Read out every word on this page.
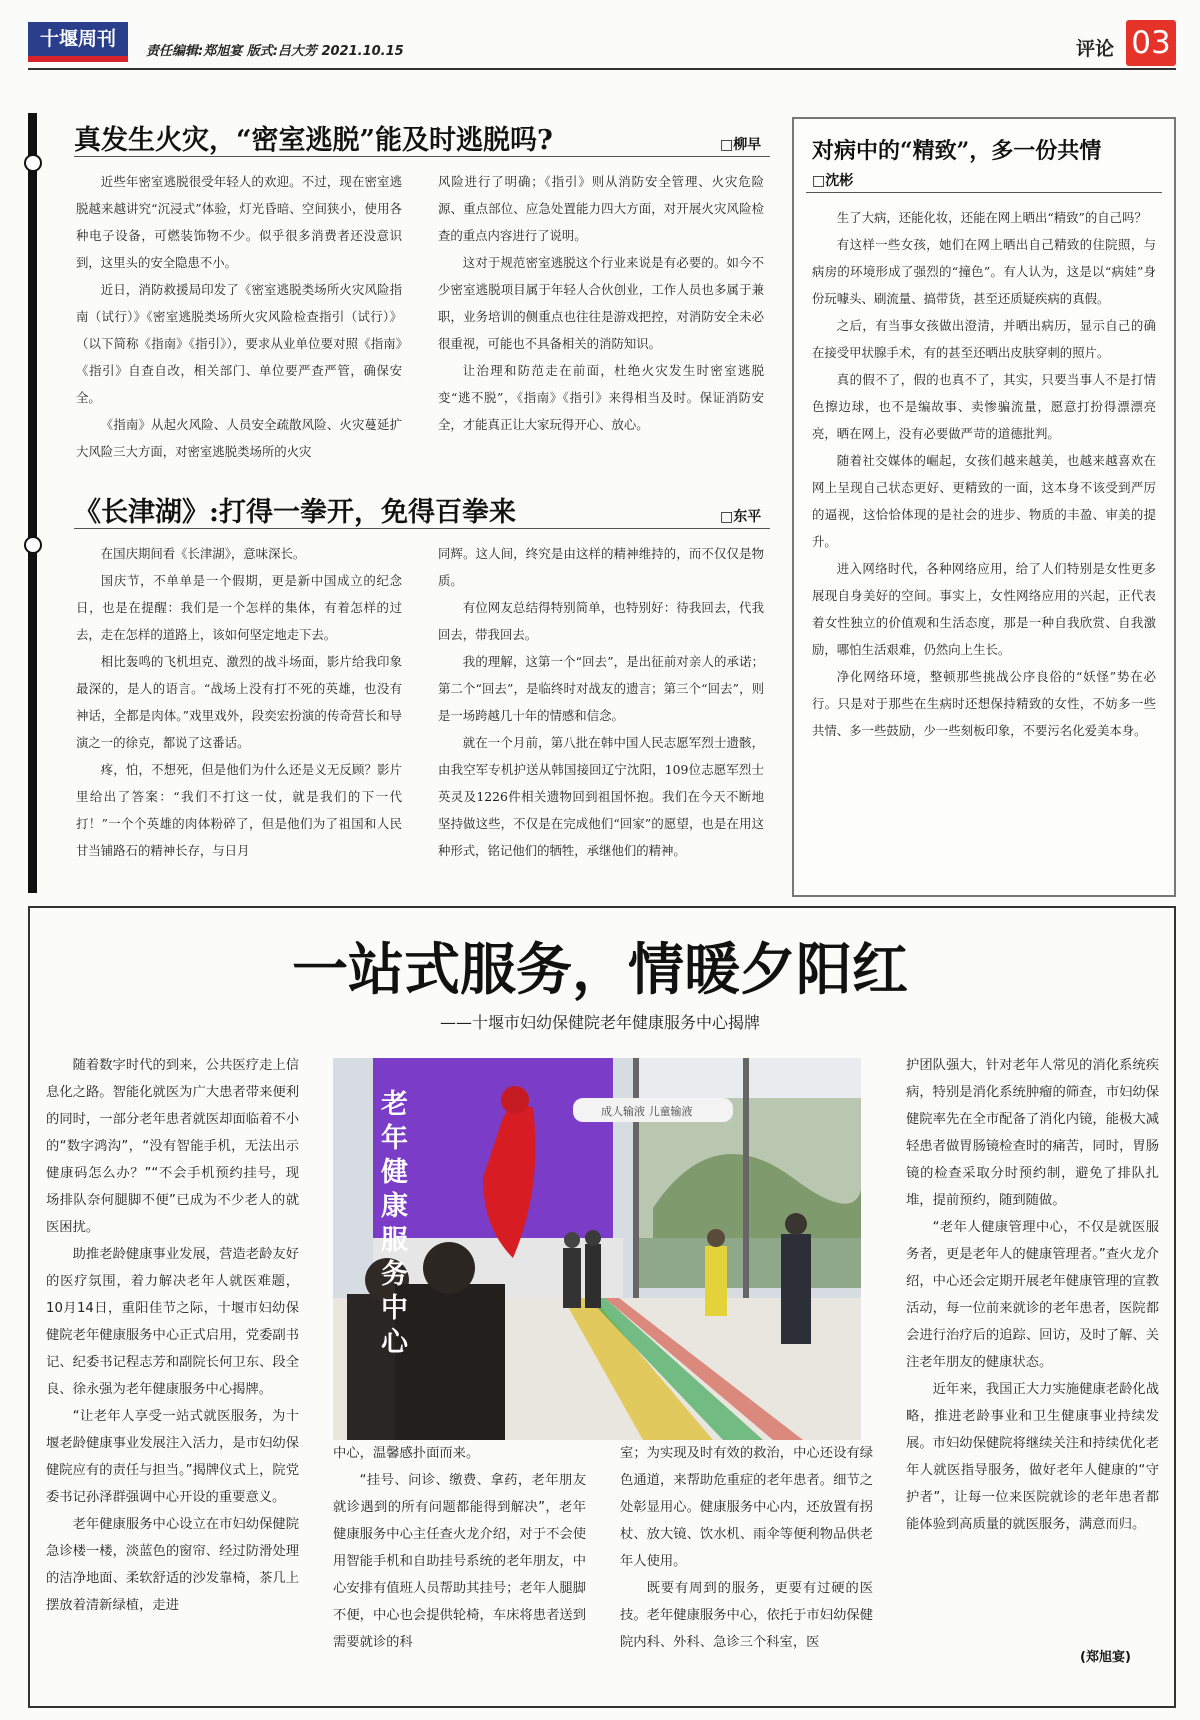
十堰周刊
责任编辑:郑旭宴 版式:吕大芳 2021.10.15	评论 03
真发生火灾，“密室逃脱”能及时逃脱吗?	□柳早

近些年密室逃脱很受年轻人的欢迎。不过，现在密室逃脱越来越讲究“沉浸式”体验，灯光昏暗、空间狭小，使用各种电子设备，可燃装饰物不少。似乎很多消费者还没意识到，这里头的安全隐患不小。

近日，消防救援局印发了《密室逃脱类场所火灾风险指南（试行）》《密室逃脱类场所火灾风险检查指引（试行）》（以下简称《指南》《指引》），要求从业单位要对照《指南》《指引》自查自改，相关部门、单位要严查严管，确保安全。

《指南》从起火风险、人员安全疏散风险、火灾蔓延扩大风险三大方面，对密室逃脱类场所的火灾

风险进行了明确；《指引》则从消防安全管理、火灾危险源、重点部位、应急处置能力四大方面，对开展火灾风险检查的重点内容进行了说明。

这对于规范密室逃脱这个行业来说是有必要的。如今不少密室逃脱项目属于年轻人合伙创业，工作人员也多属于兼职，业务培训的侧重点也往往是游戏把控，对消防安全未必很重视，可能也不具备相关的消防知识。

让治理和防范走在前面，杜绝火灾发生时密室逃脱变“逃不脱”，《指南》《指引》来得相当及时。保证消防安全，才能真正让大家玩得开心、放心。

《长津湖》:打得一拳开，免得百拳来	□东平

在国庆期间看《长津湖》，意味深长。

国庆节，不单单是一个假期，更是新中国成立的纪念日，也是在提醒：我们是一个怎样的集体，有着怎样的过去，走在怎样的道路上，该如何坚定地走下去。

相比轰鸣的飞机坦克、激烈的战斗场面，影片给我印象最深的，是人的语言。“战场上没有打不死的英雄，也没有神话，全都是肉体。”戏里戏外，段奕宏扮演的传奇营长和导演之一的徐克，都说了这番话。

疼，怕，不想死，但是他们为什么还是义无反顾？影片里给出了答案：“我们不打这一仗，就是我们的下一代打！”一个个英雄的肉体粉碎了，但是他们为了祖国和人民甘当铺路石的精神长存，与日月

同辉。这人间，终究是由这样的精神维持的，而不仅仅是物质。

有位网友总结得特别简单，也特别好：待我回去，代我回去，带我回去。

我的理解，这第一个“回去”，是出征前对亲人的承诺；第二个“回去”，是临终时对战友的遗言；第三个“回去”，则是一场跨越几十年的情感和信念。

就在一个月前，第八批在韩中国人民志愿军烈士遗骸，由我空军专机护送从韩国接回辽宁沈阳，109位志愿军烈士英灵及1226件相关遗物回到祖国怀抱。我们在今天不断地坚持做这些，不仅是在完成他们“回家”的愿望，也是在用这种形式，铭记他们的牺牲，承继他们的精神。

对病中的“精致”，多一份共情
□沈彬

生了大病，还能化妆，还能在网上晒出“精致”的自己吗？

有这样一些女孩，她们在网上晒出自己精致的住院照，与病房的环境形成了强烈的“撞色”。有人认为，这是以“病娃”身份玩噱头、刷流量、搞带货，甚至还质疑疾病的真假。

之后，有当事女孩做出澄清，并晒出病历，显示自己的确在接受甲状腺手术，有的甚至还晒出皮肤穿刺的照片。

真的假不了，假的也真不了，其实，只要当事人不是打情色擦边球，也不是编故事、卖惨骗流量，愿意打扮得漂漂亮亮，晒在网上，没有必要做严苛的道德批判。

随着社交媒体的崛起，女孩们越来越美，也越来越喜欢在网上呈现自己状态更好、更精致的一面，这本身不该受到严厉的逼视，这恰恰体现的是社会的进步、物质的丰盈、审美的提升。

进入网络时代，各种网络应用，给了人们特别是女性更多展现自身美好的空间。事实上，女性网络应用的兴起，正代表着女性独立的价值观和生活态度，那是一种自我欣赏、自我激励，哪怕生活艰难，仍然向上生长。

净化网络环境，整顿那些挑战公序良俗的“妖怪”势在必行。只是对于那些在生病时还想保持精致的女性，不妨多一些共情、多一些鼓励，少一些刻板印象，不要污名化爱美本身。

一站式服务，情暖夕阳红
——十堰市妇幼保健院老年健康服务中心揭牌

随着数字时代的到来，公共医疗走上信息化之路。智能化就医为广大患者带来便利的同时，一部分老年患者就医却面临着不小的“数字鸿沟”，“没有智能手机，无法出示健康码怎么办？”“不会手机预约挂号，现场排队奈何腿脚不便”已成为不少老人的就医困扰。

助推老龄健康事业发展，营造老龄友好的医疗氛围，着力解决老年人就医难题，10月14日，重阳佳节之际，十堰市妇幼保健院老年健康服务中心正式启用，党委副书记、纪委书记程志芳和副院长何卫东、段全良、徐永强为老年健康服务中心揭牌。

“让老年人享受一站式就医服务，为十堰老龄健康事业发展注入活力，是市妇幼保健院应有的责任与担当。”揭牌仪式上，院党委书记孙泽群强调中心开设的重要意义。

老年健康服务中心设立在市妇幼保健院急诊楼一楼，淡蓝色的窗帘、经过防滑处理的洁净地面、柔软舒适的沙发靠椅，茶几上摆放着清新绿植，走进

成人输液 儿童输液
老年健康服务中心

中心，温馨感扑面而来。

“挂号、问诊、缴费、拿药，老年朋友就诊遇到的所有问题都能得到解决”，老年健康服务中心主任查火龙介绍，对于不会使用智能手机和自助挂号系统的老年朋友，中心安排有值班人员帮助其挂号；老年人腿脚不便，中心也会提供轮椅，车床将患者送到需要就诊的科

室；为实现及时有效的救治，中心还设有绿色通道，来帮助危重症的老年患者。细节之处彰显用心。健康服务中心内，还放置有拐杖、放大镜、饮水机、雨伞等便利物品供老年人使用。

既要有周到的服务，更要有过硬的医技。老年健康服务中心，依托于市妇幼保健院内科、外科、急诊三个科室，医

护团队强大，针对老年人常见的消化系统疾病，特别是消化系统肿瘤的筛查，市妇幼保健院率先在全市配备了消化内镜，能极大减轻患者做胃肠镜检查时的痛苦，同时，胃肠镜的检查采取分时预约制，避免了排队扎堆，提前预约，随到随做。

“老年人健康管理中心，不仅是就医服务者，更是老年人的健康管理者。”查火龙介绍，中心还会定期开展老年健康管理的宣教活动，每一位前来就诊的老年患者，医院都会进行治疗后的追踪、回访，及时了解、关注老年朋友的健康状态。

近年来，我国正大力实施健康老龄化战略，推进老龄事业和卫生健康事业持续发展。市妇幼保健院将继续关注和持续优化老年人就医指导服务，做好老年人健康的“守护者”，让每一位来医院就诊的老年患者都能体验到高质量的就医服务，满意而归。

(郑旭宴)
